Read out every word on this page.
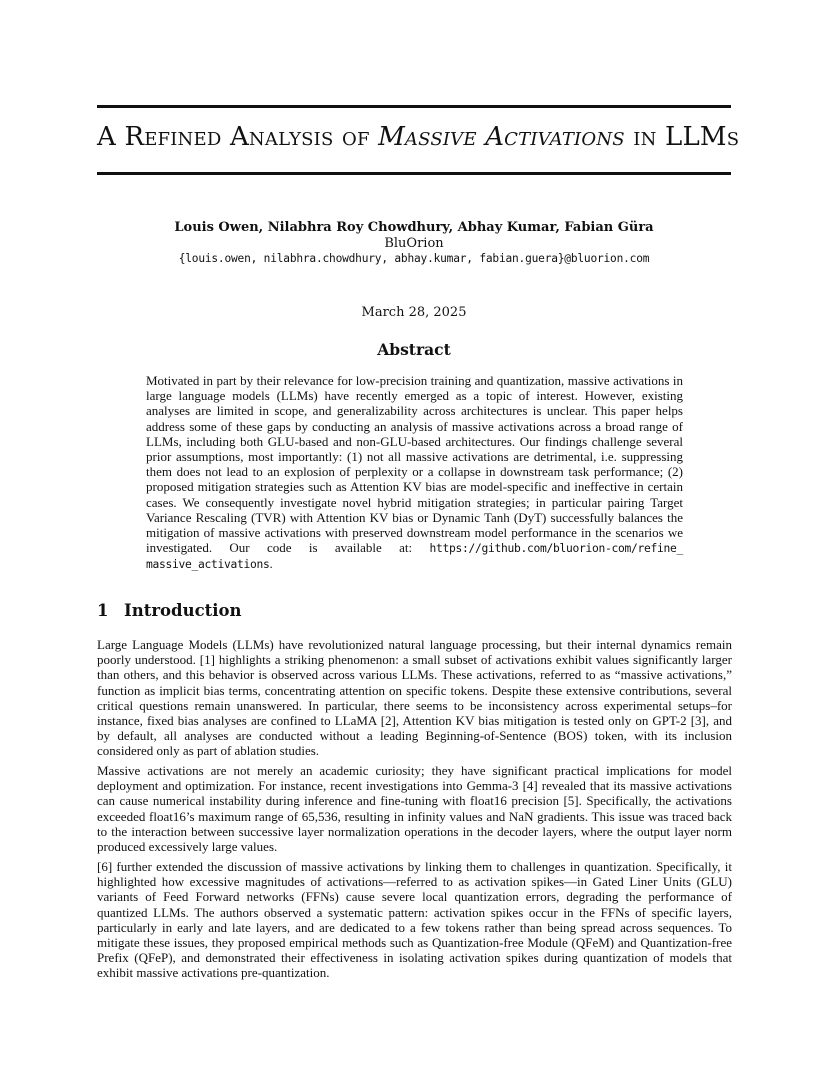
A Refined Analysis of Massive Activations in LLMs
Louis Owen, Nilabhra Roy Chowdhury, Abhay Kumar, Fabian Güra
BluOrion
{louis.owen, nilabhra.chowdhury, abhay.kumar, fabian.guera}@bluorion.com
March 28, 2025
Abstract

Motivated in part by their relevance for low-precision training and quantization, massive activations in large language models (LLMs) have recently emerged as a topic of interest. However, existing analyses are limited in scope, and generalizability across architectures is unclear. This paper helps address some of these gaps by conducting an analysis of massive activations across a broad range of LLMs, including both GLU-based and non-GLU-based architectures. Our findings challenge several prior assumptions, most importantly: (1) not all massive activations are detrimental, i.e. suppressing them does not lead to an explosion of perplexity or a collapse in downstream task performance; (2) proposed mitigation strategies such as Attention KV bias are model-specific and ineffective in certain cases. We consequently investigate novel hybrid mitigation strategies; in particular pairing Target Variance Rescaling (TVR) with Attention KV bias or Dynamic Tanh (DyT) successfully balances the mitigation of massive activations with preserved downstream model performance in the scenarios we investigated. Our code is available at: https://github.com/bluorion-com/refine_ massive_activations.

1 Introduction

Large Language Models (LLMs) have revolutionized natural language processing, but their internal dynamics remain poorly understood. [1] highlights a striking phenomenon: a small subset of activations exhibit values significantly larger than others, and this behavior is observed across various LLMs. These activations, referred to as “massive activations,” function as implicit bias terms, concentrating attention on specific tokens. Despite these extensive contributions, several critical questions remain unanswered. In particular, there seems to be inconsistency across experimental setups–for instance, fixed bias analyses are confined to LLaMA [2], Attention KV bias mitigation is tested only on GPT-2 [3], and by default, all analyses are conducted without a leading Beginning-of-Sentence (BOS) token, with its inclusion considered only as part of ablation studies.

Massive activations are not merely an academic curiosity; they have significant practical implications for model deployment and optimization. For instance, recent investigations into Gemma-3 [4] revealed that its massive activations can cause numerical instability during inference and fine-tuning with float16 precision [5]. Specifically, the activations exceeded float16’s maximum range of 65,536, resulting in infinity values and NaN gradients. This issue was traced back to the interaction between successive layer normalization operations in the decoder layers, where the output layer norm produced excessively large values.

[6] further extended the discussion of massive activations by linking them to challenges in quantization. Specifically, it highlighted how excessive magnitudes of activations—referred to as activation spikes—in Gated Liner Units (GLU) variants of Feed Forward networks (FFNs) cause severe local quantization errors, degrading the performance of quantized LLMs. The authors observed a systematic pattern: activation spikes occur in the FFNs of specific layers, particularly in early and late layers, and are dedicated to a few tokens rather than being spread across sequences. To mitigate these issues, they proposed empirical methods such as Quantization-free Module (QFeM) and Quantization-free Prefix (QFeP), and demonstrated their effectiveness in isolating activation spikes during quantization of models that exhibit massive activations pre-quantization.
